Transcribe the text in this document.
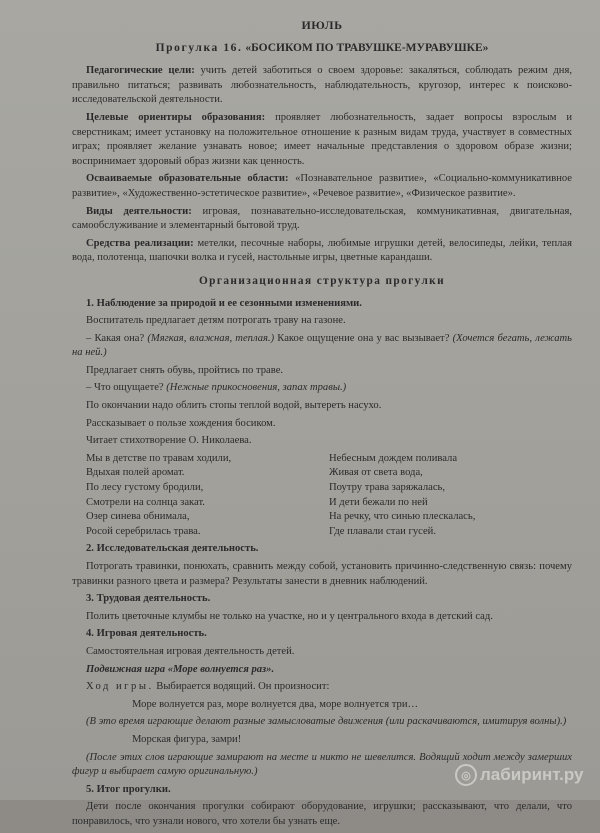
ИЮЛЬ
Прогулка 16. «БОСИКОМ ПО ТРАВУШКЕ-МУРАВУШКЕ»

Педагогические цели: учить детей заботиться о своем здоровье: закаляться, соблюдать режим дня, правильно питаться; развивать любознательность, наблюдательность, кругозор, интерес к поисково-исследовательской деятельности.

Целевые ориентиры образования: проявляет любознательность, задает вопросы взрослым и сверстникам; имеет установку на положительное отношение к разным видам труда, участвует в совместных играх; проявляет желание узнавать новое; имеет начальные представления о здоровом образе жизни; воспринимает здоровый образ жизни как ценность.

Осваиваемые образовательные области: «Познавательное развитие», «Социально-коммуникативное развитие», «Художественно-эстетическое развитие», «Речевое развитие», «Физическое развитие».

Виды деятельности: игровая, познавательно-исследовательская, коммуникативная, двигательная, самообслуживание и элементарный бытовой труд.

Средства реализации: метелки, песочные наборы, любимые игрушки детей, велосипеды, лейки, теплая вода, полотенца, шапочки волка и гусей, настольные игры, цветные карандаши.

Организационная структура прогулки

1. Наблюдение за природой и ее сезонными изменениями.

Воспитатель предлагает детям потрогать траву на газоне.

– Какая она? (Мягкая, влажная, теплая.) Какое ощущение она у вас вызывает? (Хочется бегать, лежать на ней.)

Предлагает снять обувь, пройтись по траве.

– Что ощущаете? (Нежные прикосновения, запах травы.)

По окончании надо облить стопы теплой водой, вытереть насухо.

Рассказывает о пользе хождения босиком.

Читает стихотворение О. Николаева.

Мы в детстве по травам ходили,
Вдыхая полей аромат.
По лесу густому бродили,
Смотрели на солнца закат.
Озер синева обнимала,
Росой серебрилась трава.
Небесным дождем поливала
Живая от света вода,
Поутру трава заряжалась,
И дети бежали по ней
На речку, что синью плескалась,
Где плавали стаи гусей.

2. Исследовательская деятельность.

Потрогать травинки, понюхать, сравнить между собой, установить причинно-следственную связь: почему травинки разного цвета и размера? Результаты занести в дневник наблюдений.

3. Трудовая деятельность.

Полить цветочные клумбы не только на участке, но и у центрального входа в детский сад.

4. Игровая деятельность.

Самостоятельная игровая деятельность детей.

Подвижная игра «Море волнуется раз».

Ход игры. Выбирается водящий. Он произносит:

Море волнуется раз, море волнуется два, море волнуется три…

(В это время играющие делают разные замысловатые движения (или раскачиваются, имитируя волны).)

Морская фигура, замри!

(После этих слов играющие замирают на месте и никто не шевелится. Водящий ходит между замерших фигур и выбирает самую оригинальную.)

5. Итог прогулки.

Дети после окончания прогулки собирают оборудование, игрушки; рассказывают, что делали, что понравилось, что узнали нового, что хотели бы узнать еще.

◎ лабиринт.ру
